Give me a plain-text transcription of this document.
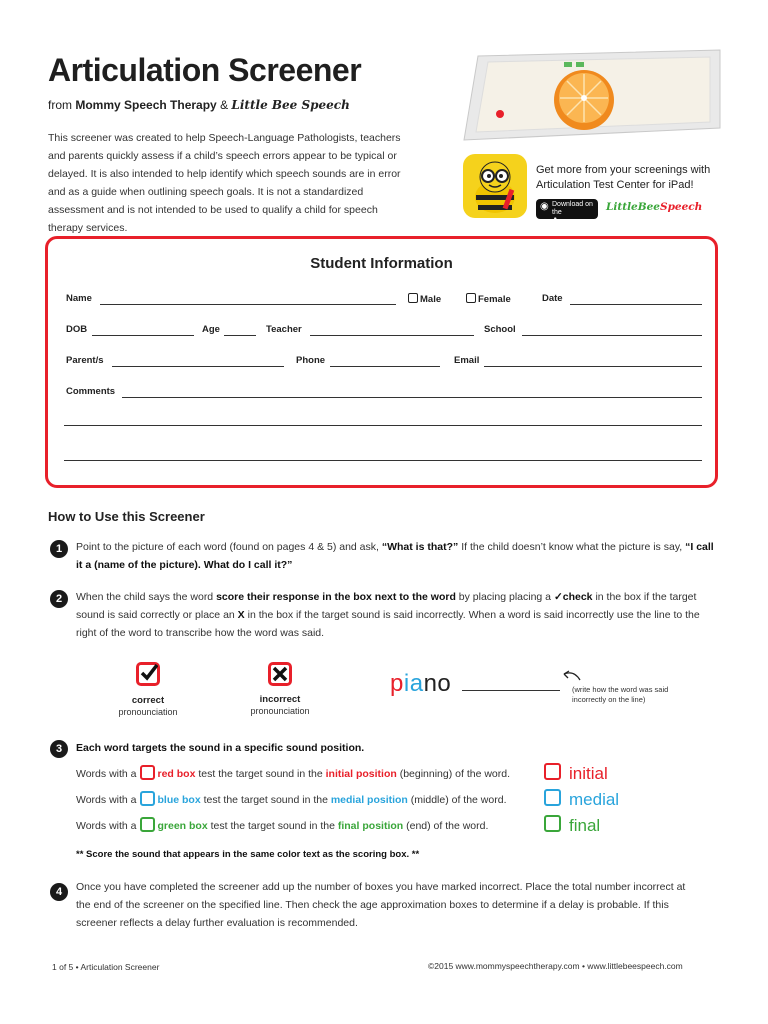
Articulation Screener
from Mommy Speech Therapy & Little Bee Speech
This screener was created to help Speech-Language Pathologists, teachers and parents quickly assess if a child’s speech errors appear to be typical or delayed. It is also intended to help identify which speech sounds are in error and as a guide when outlining speech goals. It is not a standardized assessment and is not intended to be used to qualify a child for speech therapy services.
Get more from your screenings with Articulation Test Center for iPad!
◉ Download on the
App Store
LittleBeeSpeech
Student Information
Name	Male	Female	Date
DOB	Age	Teacher	School
Parent/s	Phone	Email
Comments
How to Use this Screener
1	Point to the picture of each word (found on pages 4 & 5) and ask, “What is that?” If the child doesn’t know what the picture is say, “I call it a (name of the picture). What do I call it?”
2	When the child says the word score their response in the box next to the word by placing placing a ✓check in the box if the target sound is said correctly or place an X in the box if the target sound is said incorrectly. When a word is said incorrectly use the line to the right of the word to transcribe how the word was said.
correct
pronounciation
incorrect
pronounciation
piano	(write how the word was said incorrectly on the line)
3	Each word targets the sound in a specific sound position.
Words with a red box test the target sound in the initial position (beginning) of the word.
Words with a blue box test the target sound in the medial position (middle) of the word.
Words with a green box test the target sound in the final position (end) of the word.
initial
medial
final
** Score the sound that appears in the same color text as the scoring box. **
4	Once you have completed the screener add up the number of boxes you have marked incorrect. Place the total number incorrect at the end of the screener on the specified line. Then check the age approximation boxes to determine if a delay is probable. If this screener reflects a delay further evaluation is recommended.
1 of 5 • Articulation Screener	©2015 www.mommyspeechtherapy.com • www.littlebeespeech.com
